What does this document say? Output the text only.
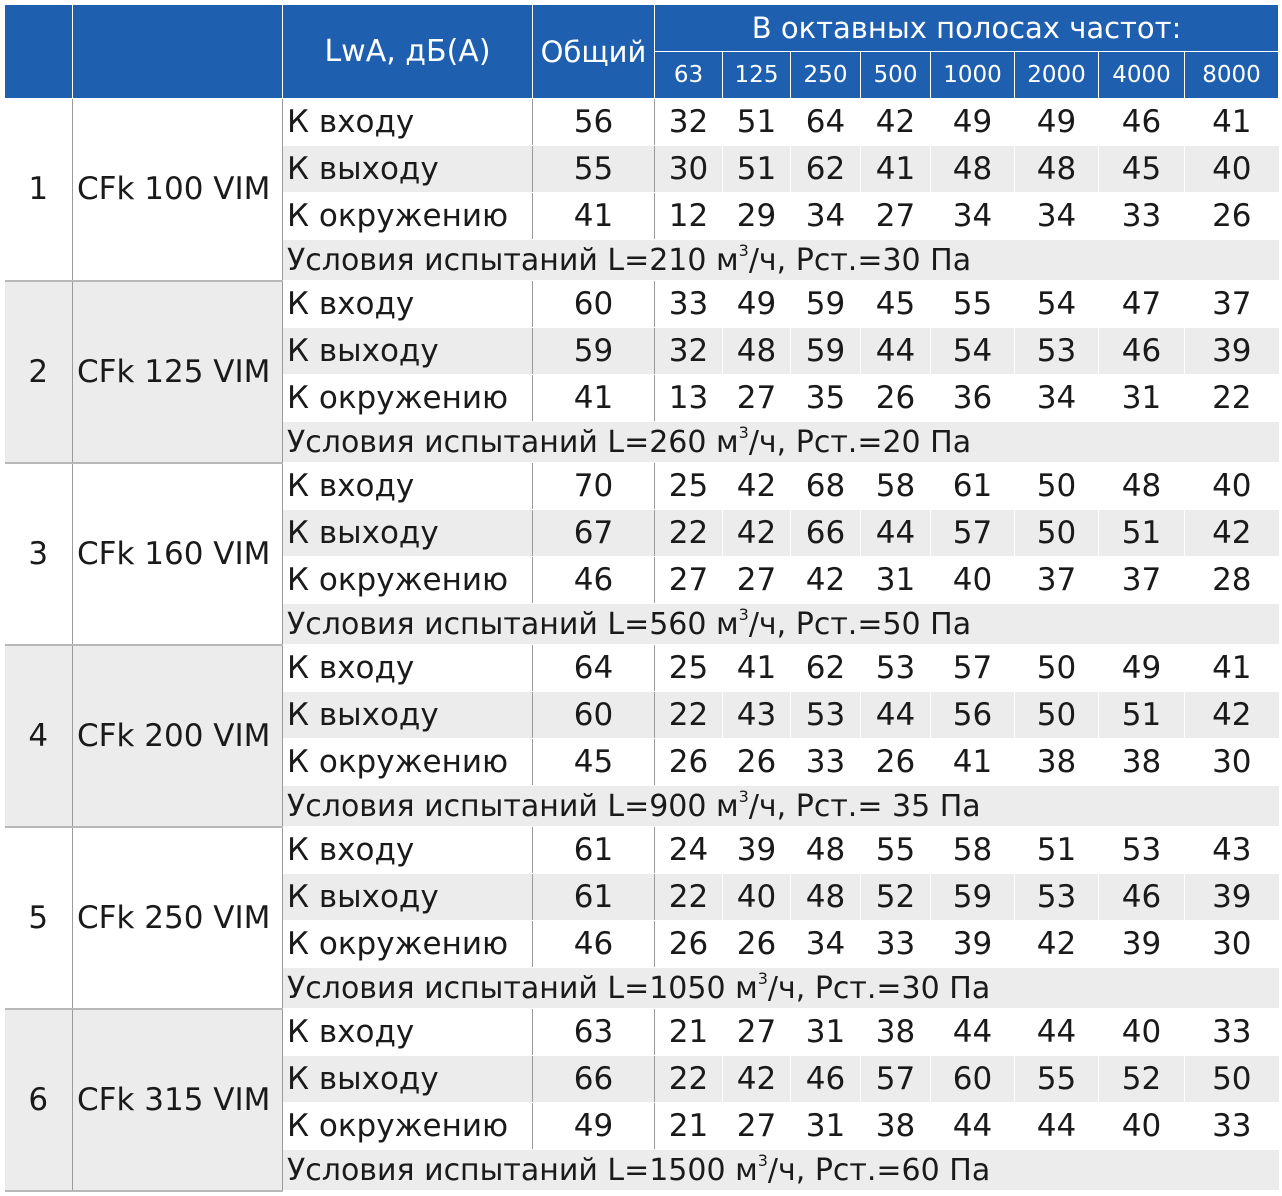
		LwA, дБ(А)	Общий	В октавных полосах частот:							
				63	125	250	500	1000	2000	4000	8000
1	CFk 100 VIM	К входу	56	32	51	64	42	49	49	46	41
		К выходу	55	30	51	62	41	48	48	45	40
		К окружению	41	12	29	34	27	34	34	33	26
		Условия испытаний L=210 $м^3/ч$, Рст.=30 Па									
2	CFk 125 VIM	К входу	60	33	49	59	45	55	54	47	37
		К выходу	59	32	48	59	44	54	53	46	39
		К окружению	41	13	27	35	26	36	34	31	22
		Условия испытаний L=260 $м^3/ч$, Рст.=20 Па									
3	CFk 160 VIM	К входу	70	25	42	68	58	61	50	48	40
		К выходу	67	22	42	66	44	57	50	51	42
		К окружению	46	27	27	42	31	40	37	37	28
		Условия испытаний L=560 $м^3/ч$, Рст.=50 Па									
4	CFk 200 VIM	К входу	64	25	41	62	53	57	50	49	41
		К выходу	60	22	43	53	44	56	50	51	42
		К окружению	45	26	26	33	26	41	38	38	30
		Условия испытаний L=900 $м^3/ч$, Рст.= 35 Па									
5	CFk 250 VIM	К входу	61	24	39	48	55	58	51	53	43
		К выходу	61	22	40	48	52	59	53	46	39
		К окружению	46	26	26	34	33	39	42	39	30
		Условия испытаний L=1050 $м^3/ч$, Рст.=30 Па									
6	CFk 315 VIM	К входу	63	21	27	31	38	44	44	40	33
		К выходу	66	22	42	46	57	60	55	52	50
		К окружению	49	21	27	31	38	44	44	40	33
		Условия испытаний L=1500 $м^3/ч$, Рст.=60 Па									
